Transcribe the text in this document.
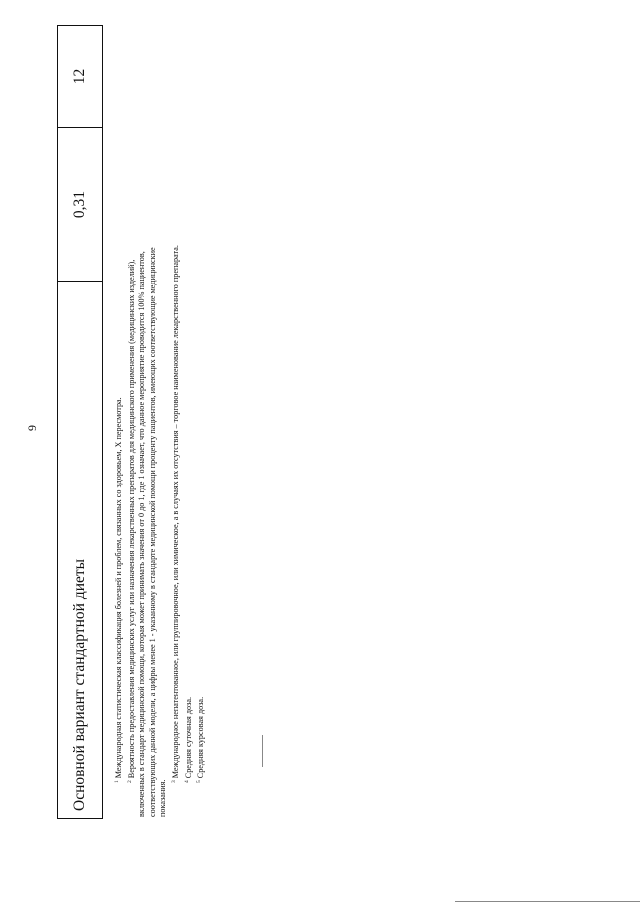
9
Основной вариант стандартной диеты
0,31
12
$^1$Международная статистическая классификация болезней и проблем, связанных со здоровьем, X пересмотра.
$^2$Вероятность предоставления медицинских услуг или назначения лекарственных препаратов для медицинского применения (медицинских изделий), включенных в стандарт медицинской помощи, которая может принимать значения от 0 до 1, где 1 означает, что данное мероприятие проводится 100% пациентов, соответствующих данной модели, а цифры менее 1 - указанному в стандарте медицинской помощи проценту пациентов, имеющих соответствующие медицинские показания. $^3$Международное непатентованное, или группировочное, или химическое, а в случаях их отсутствия – торговое наименование лекарственного препарата.
$^4$Средняя суточная доза.
$^5$Средняя курсовая доза.
